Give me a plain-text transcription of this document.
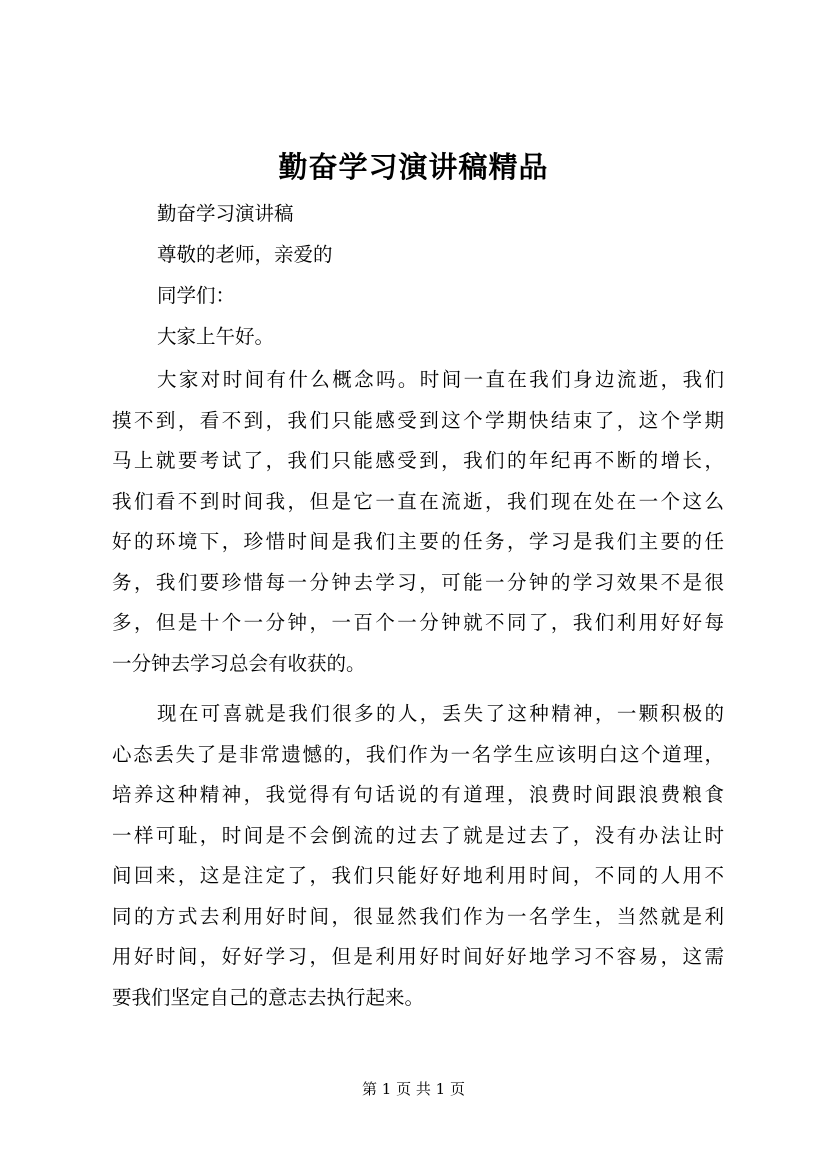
勤奋学习演讲稿精品
勤奋学习演讲稿
尊敬的老师，亲爱的
同学们：
大家上午好。
大家对时间有什么概念吗。时间一直在我们身边流逝，我们
摸不到，看不到，我们只能感受到这个学期快结束了，这个学期
马上就要考试了，我们只能感受到，我们的年纪再不断的增长，
我们看不到时间我，但是它一直在流逝，我们现在处在一个这么
好的环境下，珍惜时间是我们主要的任务，学习是我们主要的任
务，我们要珍惜每一分钟去学习，可能一分钟的学习效果不是很
多，但是十个一分钟，一百个一分钟就不同了，我们利用好好每
一分钟去学习总会有收获的。
现在可喜就是我们很多的人，丢失了这种精神，一颗积极的
心态丢失了是非常遗憾的，我们作为一名学生应该明白这个道理，
培养这种精神，我觉得有句话说的有道理，浪费时间跟浪费粮食
一样可耻，时间是不会倒流的过去了就是过去了，没有办法让时
间回来，这是注定了，我们只能好好地利用时间，不同的人用不
同的方式去利用好时间，很显然我们作为一名学生，当然就是利
用好时间，好好学习，但是利用好时间好好地学习不容易，这需
要我们坚定自己的意志去执行起来。
第 1 页 共 1 页
